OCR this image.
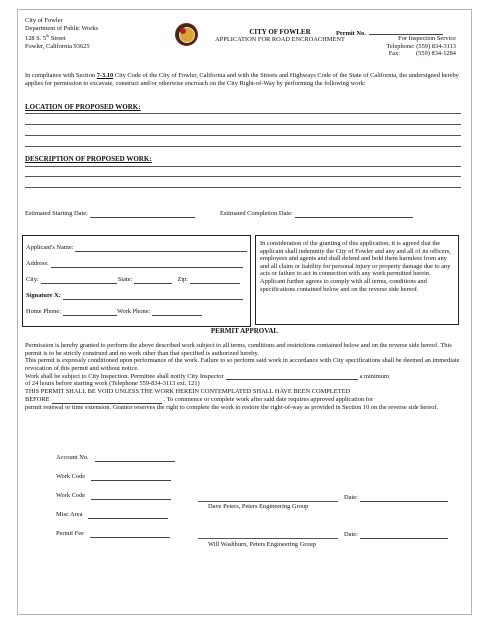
City of Fowler
Department of Public Works
128 S. 5th Street
Fowler, California 93625
CITY OF FOWLER
APPLICATION FOR ROAD ENCROACHMENT
Permit No.
For Inspection Service
Telephone: (559) 834-3113
Fax:          (559) 834-1284
In compliance with Section 7-3.10 City Code of the City of Fowler, California and with the Streets and Highways Code of the State of California, the undersigned hereby applies for permission to excavate, construct and/or otherwise encroach on the City Right-of-Way by performing the following work:
LOCATION OF PROPOSED WORK:
DESCRIPTION OF PROPOSED WORK:
Estimated Starting Date:	Estimated Completion Date:
Applicant's Name:
Address:
City:	State:	Zip:
Signature X:
Home Phone:	Work Phone:
In consideration of the granting of this application, it is agreed that the applicant shall indemnity the City of Fowler and any and all of its officers, employees and agents and shall defend and hold them harmless from any and all claim or liability for personal injury or property damage due to any acts or failure to act in connection with any work permitted herein. Applicant further agrees to comply with all terms, conditions and specifications contained below and on the reverse side hereof.
PERMIT APPROVAL
Permission is hereby granted to perform the above described work subject to all terms, conditions and restrictions contained below and on the reverse side hereof. This permit is to be strictly construed and no work other than that specified is authorized hereby.
This permit is expressly conditioned upon performance of the work. Failure to so perform said work in accordance with City specifications shall be deemed an immediate revocation of this permit and without notice.
Work shall be subject to City Inspection. Permittee shall notify City Inspector	a minimum
of 24 hours before starting work (Telephone 559-834-3113 ext. 121)
THIS PERMIT SHALL BE VOID UNLESS THE WORK HEREIN CONTEMPLATED SHALL HAVE BEEN COMPLETED
BEFORE	. To commence or complete work after said date requires approved application for
permit renewal or time extension. Grantor reserves the right to complete the work to restore the right-of-way as provided in Section 10 on the reverse side hereof.
Account No.
Work Code
Work Code
Misc Area
Permit Fee
Date:
Dave Peters, Peters Engineering Group
Date:
Will Washburn, Peters Engineering Group
